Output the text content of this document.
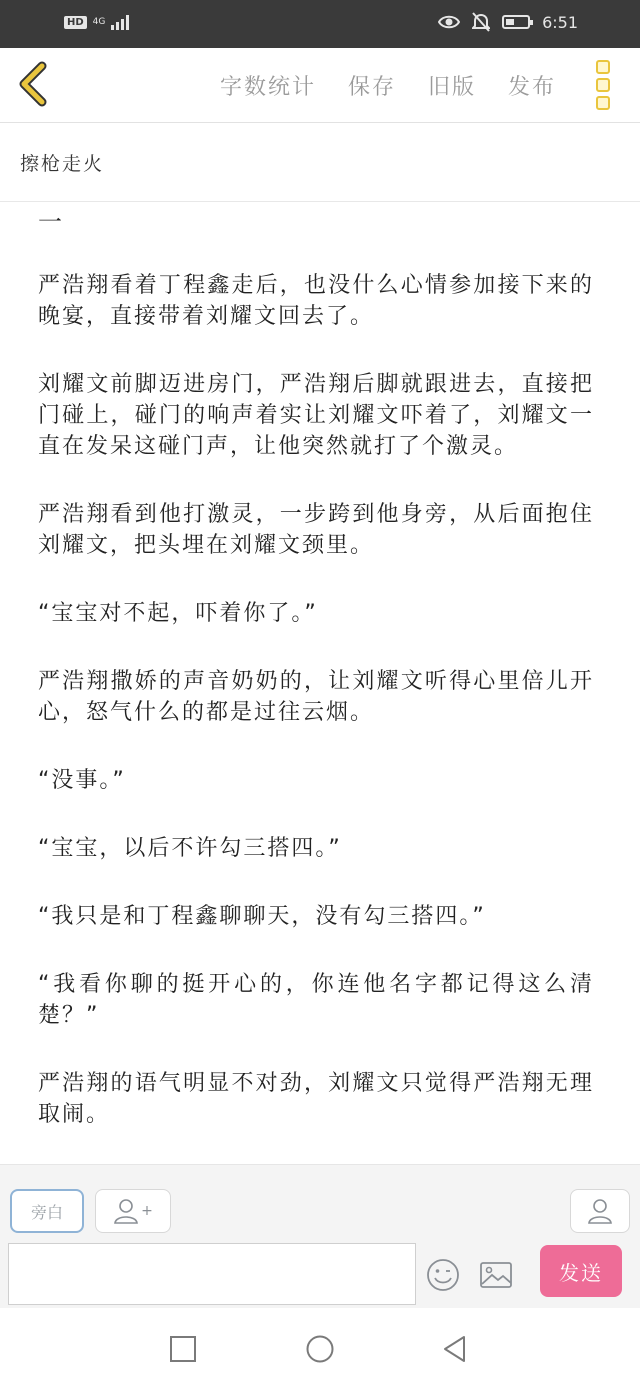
HD	4G	6:51
字数统计 保存 旧版 发布
擦枪走火
一

严浩翔看着丁程鑫走后，也没什么心情参加接下来的晚宴，直接带着刘耀文回去了。

刘耀文前脚迈进房门，严浩翔后脚就跟进去，直接把门碰上，碰门的响声着实让刘耀文吓着了，刘耀文一直在发呆这碰门声，让他突然就打了个激灵。

严浩翔看到他打激灵，一步跨到他身旁，从后面抱住刘耀文，把头埋在刘耀文颈里。

“宝宝对不起，吓着你了。”

严浩翔撒娇的声音奶奶的，让刘耀文听得心里倍儿开心，怒气什么的都是过往云烟。

“没事。”

“宝宝，以后不许勾三搭四。”

“我只是和丁程鑫聊聊天，没有勾三搭四。”

“我看你聊的挺开心的，你连他名字都记得这么清楚？”

严浩翔的语气明显不对劲，刘耀文只觉得严浩翔无理取闹。

旁白	+
发送
